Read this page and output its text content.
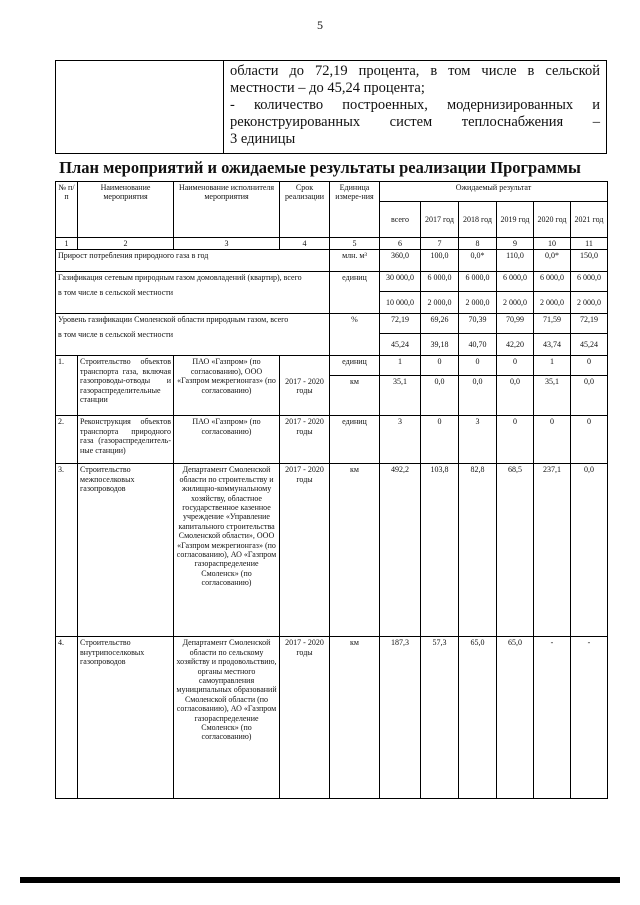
5
области до 72,19 процента, в том числе в сельской
местности – до 45,24 процента;
- количество построенных, модернизированных и
реконструированных систем теплоснабжения –
3 единицы
План мероприятий и ожидаемые результаты реализации Программы
№ п/п	Наименование мероприятия	Наименование исполнителя мероприятия	Срок реализации	Единица измере-ния	Ожидаемый результат					
					всего	2017 год	2018 год	2019 год	2020 год	2021 год
1	2	3	4	5	6	7	8	9	10	11
Прирост потребления природного газа в год				млн. м³	360,0	100,0	0,0*	110,0	0,0*	150,0

Газификация сетевым природным газом домовладений (квартир), всего
в том числе в сельской местности				единиц	30 000,0	6 000,0	6 000,0	6 000,0	6 000,0	6 000,0
					10 000,0	2 000,0	2 000,0	2 000,0	2 000,0	2 000,0

Уровень газификации Смоленской области природным газом, всего
в том числе в сельской местности				%	72,19	69,26	70,39	70,99	71,59	72,19
					45,24	39,18	40,70	42,20	43,74	45,24
1.	Строительство объектов транспорта газа, включая газопроводы-отводы и газораспределительные станции	ПАО «Газпром» (по согласованию), ООО «Газпром межрегионгаз» (по согласованию)	2017 - 2020 годы	единиц	1	0	0	0	1	0
				км	35,1	0,0	0,0	0,0	35,1	0,0
2.	Реконструкция объектов транспорта природного газа (газораспределитель-ные станции)	ПАО «Газпром» (по согласованию)	2017 - 2020 годы	единиц	3	0	3	0	0	0
3.	Строительство межпоселковых газопроводов	Департамент Смоленской области по строительству и жилищно-коммунальному хозяйству, областное государственное казенное учреждение «Управление капитального строительства Смоленской области», ООО «Газпром межрегионгаз» (по согласованию), АО «Газпром газораспределение Смоленск» (по согласованию)	2017 - 2020 годы	км	492,2	103,8	82,8	68,5	237,1	0,0
4.	Строительство внутрипоселковых газопроводов	Департамент Смоленской области по сельскому хозяйству и продовольствию, органы местного самоуправления муниципальных образований Смоленской области (по согласованию), АО «Газпром газораспределение Смоленск» (по согласованию)	2017 - 2020 годы	км	187,3	57,3	65,0	65,0	-	-
